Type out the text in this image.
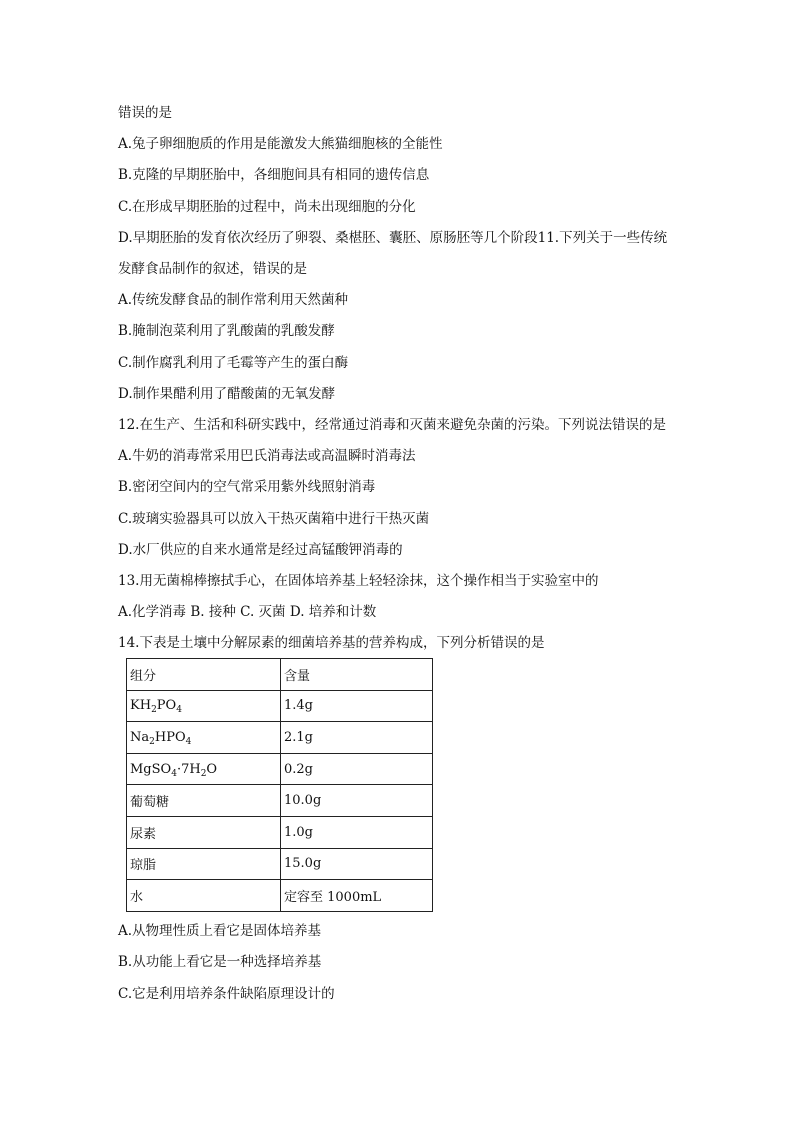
错误的是
A.兔子卵细胞质的作用是能激发大熊猫细胞核的全能性
B.克隆的早期胚胎中，各细胞间具有相同的遗传信息
C.在形成早期胚胎的过程中，尚未出现细胞的分化
D.早期胚胎的发育依次经历了卵裂、桑椹胚、囊胚、原肠胚等几个阶段11.下列关于一些传统
发酵食品制作的叙述，错误的是
A.传统发酵食品的制作常利用天然菌种
B.腌制泡菜利用了乳酸菌的乳酸发酵
C.制作腐乳利用了毛霉等产生的蛋白酶
D.制作果醋利用了醋酸菌的无氧发酵
12.在生产、生活和科研实践中，经常通过消毒和灭菌来避免杂菌的污染。下列说法错误的是
A.牛奶的消毒常采用巴氏消毒法或高温瞬时消毒法
B.密闭空间内的空气常采用紫外线照射消毒
C.玻璃实验器具可以放入干热灭菌箱中进行干热灭菌
D.水厂供应的自来水通常是经过高锰酸钾消毒的
13.用无菌棉棒擦拭手心，在固体培养基上轻轻涂抹，这个操作相当于实验室中的
A.化学消毒 B. 接种 C. 灭菌 D. 培养和计数
14.下表是土壤中分解尿素的细菌培养基的营养构成，下列分析错误的是
组分	含量
$KH_2PO_4$	1.4g
$Na_2HPO_4$	2.1g
$MgSO_4\cdot 7H_2O$	0.2g
葡萄糖	10.0g
尿素	1.0g
琼脂	15.0g
水	定容至 1000mL
A.从物理性质上看它是固体培养基
B.从功能上看它是一种选择培养基
C.它是利用培养条件缺陷原理设计的
